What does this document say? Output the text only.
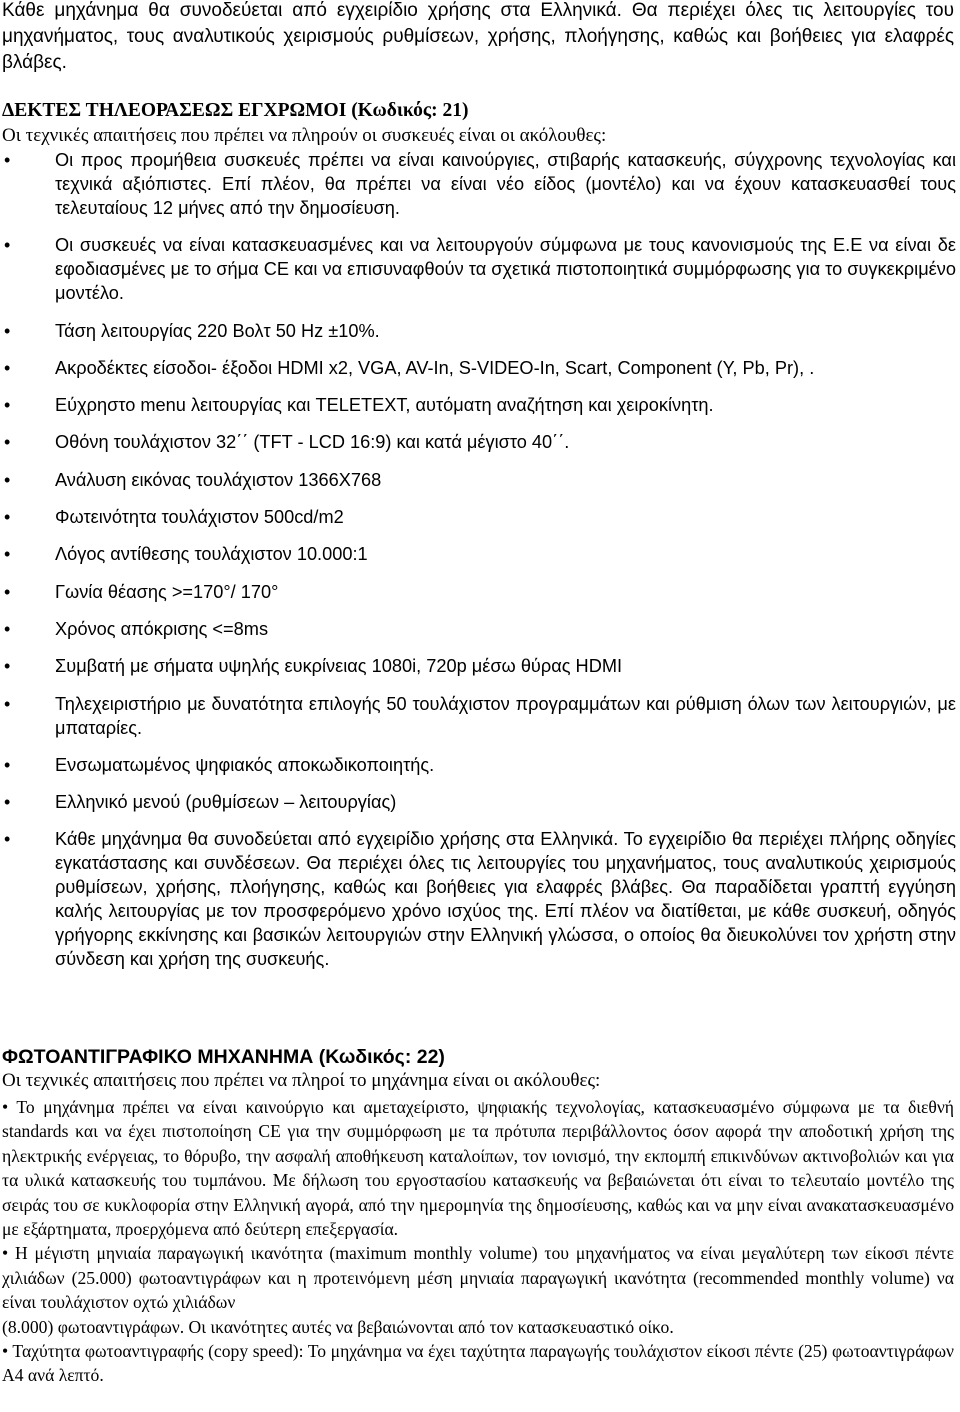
Κάθε μηχάνημα θα συνοδεύεται από εγχειρίδιο χρήσης στα Ελληνικά. Θα περιέχει όλες τις λειτουργίες του μηχανήματος, τους αναλυτικούς χειρισμούς ρυθμίσεων, χρήσης, πλοήγησης, καθώς και βοήθειες για ελαφρές βλάβες.
ΔΕΚΤΕΣ ΤΗΛΕΟΡΑΣΕΩΣ ΕΓΧΡΩΜΟΙ (Κωδικός: 21)
Οι τεχνικές απαιτήσεις που πρέπει να πληρούν οι συσκευές είναι οι ακόλουθες:
• Οι προς προμήθεια συσκευές πρέπει να είναι καινούργιες, στιβαρής κατασκευής, σύγχρονης τεχνολογίας και τεχνικά αξιόπιστες. Επί πλέον, θα πρέπει να είναι νέο είδος (μοντέλο) και να έχουν κατασκευασθεί τους τελευταίους 12 μήνες από την δημοσίευση.
• Οι συσκευές να είναι κατασκευασμένες και να λειτουργούν σύμφωνα με τους κανονισμούς της Ε.Ε να είναι δε εφοδιασμένες με το σήμα CE και να επισυναφθούν τα σχετικά πιστοποιητικά συμμόρφωσης για το συγκεκριμένο μοντέλο.
• Τάση λειτουργίας 220 Βολτ 50 Hz ±10%.
• Ακροδέκτες είσοδοι- έξοδοι HDMI x2, VGA, AV-In, S-VIDEO-In, Scart, Component (Y, Pb, Pr), .
• Εύχρηστο menu λειτουργίας και TELETEXT, αυτόματη αναζήτηση και χειροκίνητη.
• Οθόνη τουλάχιστον 32΄΄ (TFT - LCD 16:9) και κατά μέγιστο 40΄΄.
• Ανάλυση εικόνας τουλάχιστον 1366Χ768
• Φωτεινότητα τουλάχιστον 500cd/m2
• Λόγος αντίθεσης τουλάχιστον 10.000:1
• Γωνία θέασης >=170°/ 170°
• Χρόνος απόκρισης <=8ms
• Συμβατή με σήματα υψηλής ευκρίνειας 1080i, 720p μέσω θύρας HDMI
• Τηλεχειριστήριο με δυνατότητα επιλογής 50 τουλάχιστον προγραμμάτων και ρύθμιση όλων των λειτουργιών, με μπαταρίες.
• Ενσωματωμένος ψηφιακός αποκωδικοποιητής.
• Ελληνικό μενού (ρυθμίσεων – λειτουργίας)
• Κάθε μηχάνημα θα συνοδεύεται από εγχειρίδιο χρήσης στα Ελληνικά. Το εγχειρίδιο θα περιέχει πλήρης οδηγίες εγκατάστασης και συνδέσεων. Θα περιέχει όλες τις λειτουργίες του μηχανήματος, τους αναλυτικούς χειρισμούς ρυθμίσεων, χρήσης, πλοήγησης, καθώς και βοήθειες για ελαφρές βλάβες. Θα παραδίδεται γραπτή εγγύηση καλής λειτουργίας με τον προσφερόμενο χρόνο ισχύος της. Επί πλέον να διατίθεται, με κάθε συσκευή, οδηγός γρήγορης εκκίνησης και βασικών λειτουργιών στην Ελληνική γλώσσα, ο οποίος θα διευκολύνει τον χρήστη στην σύνδεση και χρήση της συσκευής.
ΦΩΤΟΑΝΤΙΓΡΑΦΙΚΟ ΜΗΧΑΝΗΜΑ (Κωδικός: 22)
Οι τεχνικές απαιτήσεις που πρέπει να πληροί το μηχάνημα είναι οι ακόλουθες:

• Το μηχάνημα πρέπει να είναι καινούργιο και αμεταχείριστο, ψηφιακής τεχνολογίας, κατασκευασμένο σύμφωνα με τα διεθνή standards και να έχει πιστοποίηση CE για την συμμόρφωση με τα πρότυπα περιβάλλοντος όσον αφορά την αποδοτική χρήση της ηλεκτρικής ενέργειας, το θόρυβο, την ασφαλή αποθήκευση καταλοίπων, τον ιονισμό, την εκπομπή επικινδύνων ακτινοβολιών και για τα υλικά κατασκευής του τυμπάνου. Με δήλωση του εργοστασίου κατασκευής να βεβαιώνεται ότι είναι το τελευταίο μοντέλο της σειράς του σε κυκλοφορία στην Ελληνική αγορά, από την ημερομηνία της δημοσίευσης, καθώς και να μην είναι ανακατασκευασμένο με εξάρτηματα, προερχόμενα από δεύτερη επεξεργασία.

• Η μέγιστη μηνιαία παραγωγική ικανότητα (maximum monthly volume) του μηχανήματος να είναι μεγαλύτερη των είκοσι πέντε χιλιάδων (25.000) φωτοαντιγράφων και η προτεινόμενη μέση μηνιαία παραγωγική ικανότητα (recommended monthly volume) να είναι τουλάχιστον οχτώ χιλιάδων

(8.000) φωτοαντιγράφων. Οι ικανότητες αυτές να βεβαιώνονται από τον κατασκευαστικό οίκο.

• Ταχύτητα φωτοαντιγραφής (copy speed): Το μηχάνημα να έχει ταχύτητα παραγωγής τουλάχιστον είκοσι πέντε (25) φωτοαντιγράφων Α4 ανά λεπτό.
